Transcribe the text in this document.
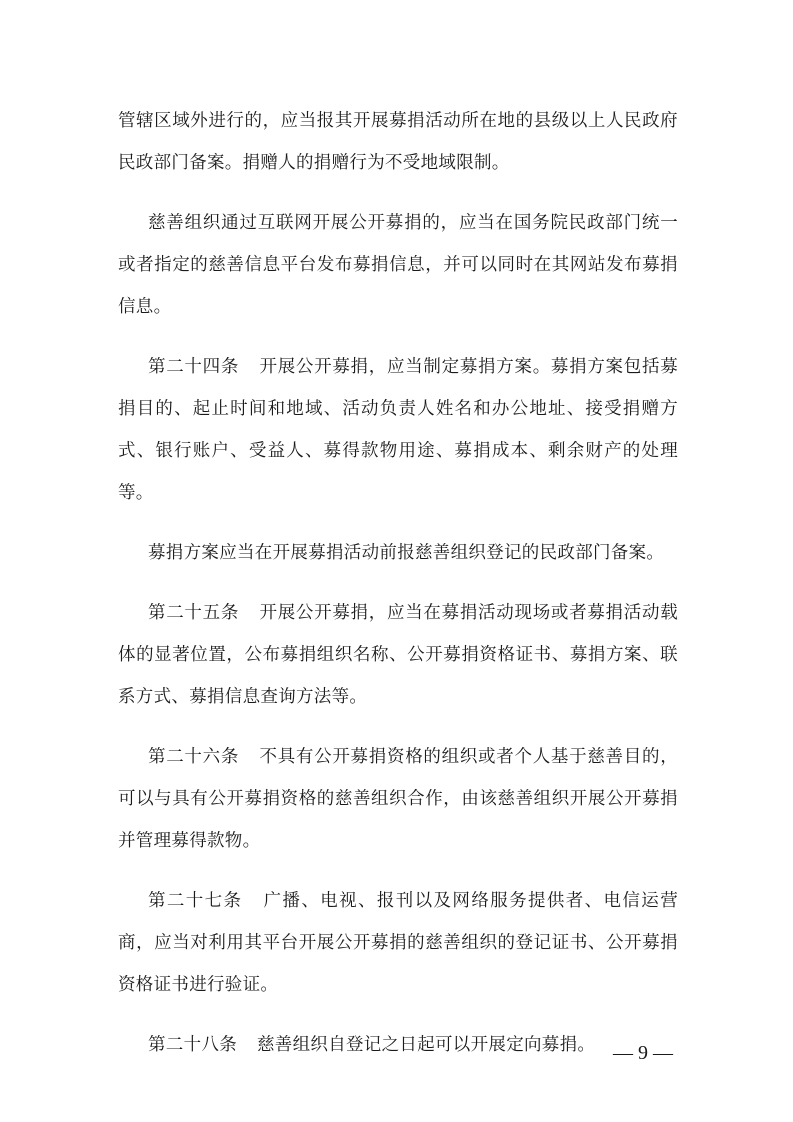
管辖区域外进行的，应当报其开展募捐活动所在地的县级以上人民政府民政部门备案。捐赠人的捐赠行为不受地域限制。

慈善组织通过互联网开展公开募捐的，应当在国务院民政部门统一或者指定的慈善信息平台发布募捐信息，并可以同时在其网站发布募捐信息。

第二十四条 开展公开募捐，应当制定募捐方案。募捐方案包括募捐目的、起止时间和地域、活动负责人姓名和办公地址、接受捐赠方式、银行账户、受益人、募得款物用途、募捐成本、剩余财产的处理等。

募捐方案应当在开展募捐活动前报慈善组织登记的民政部门备案。

第二十五条 开展公开募捐，应当在募捐活动现场或者募捐活动载体的显著位置，公布募捐组织名称、公开募捐资格证书、募捐方案、联系方式、募捐信息查询方法等。

第二十六条 不具有公开募捐资格的组织或者个人基于慈善目的，可以与具有公开募捐资格的慈善组织合作，由该慈善组织开展公开募捐并管理募得款物。

第二十七条 广播、电视、报刊以及网络服务提供者、电信运营商，应当对利用其平台开展公开募捐的慈善组织的登记证书、公开募捐资格证书进行验证。

第二十八条 慈善组织自登记之日起可以开展定向募捐。 — 9 —
